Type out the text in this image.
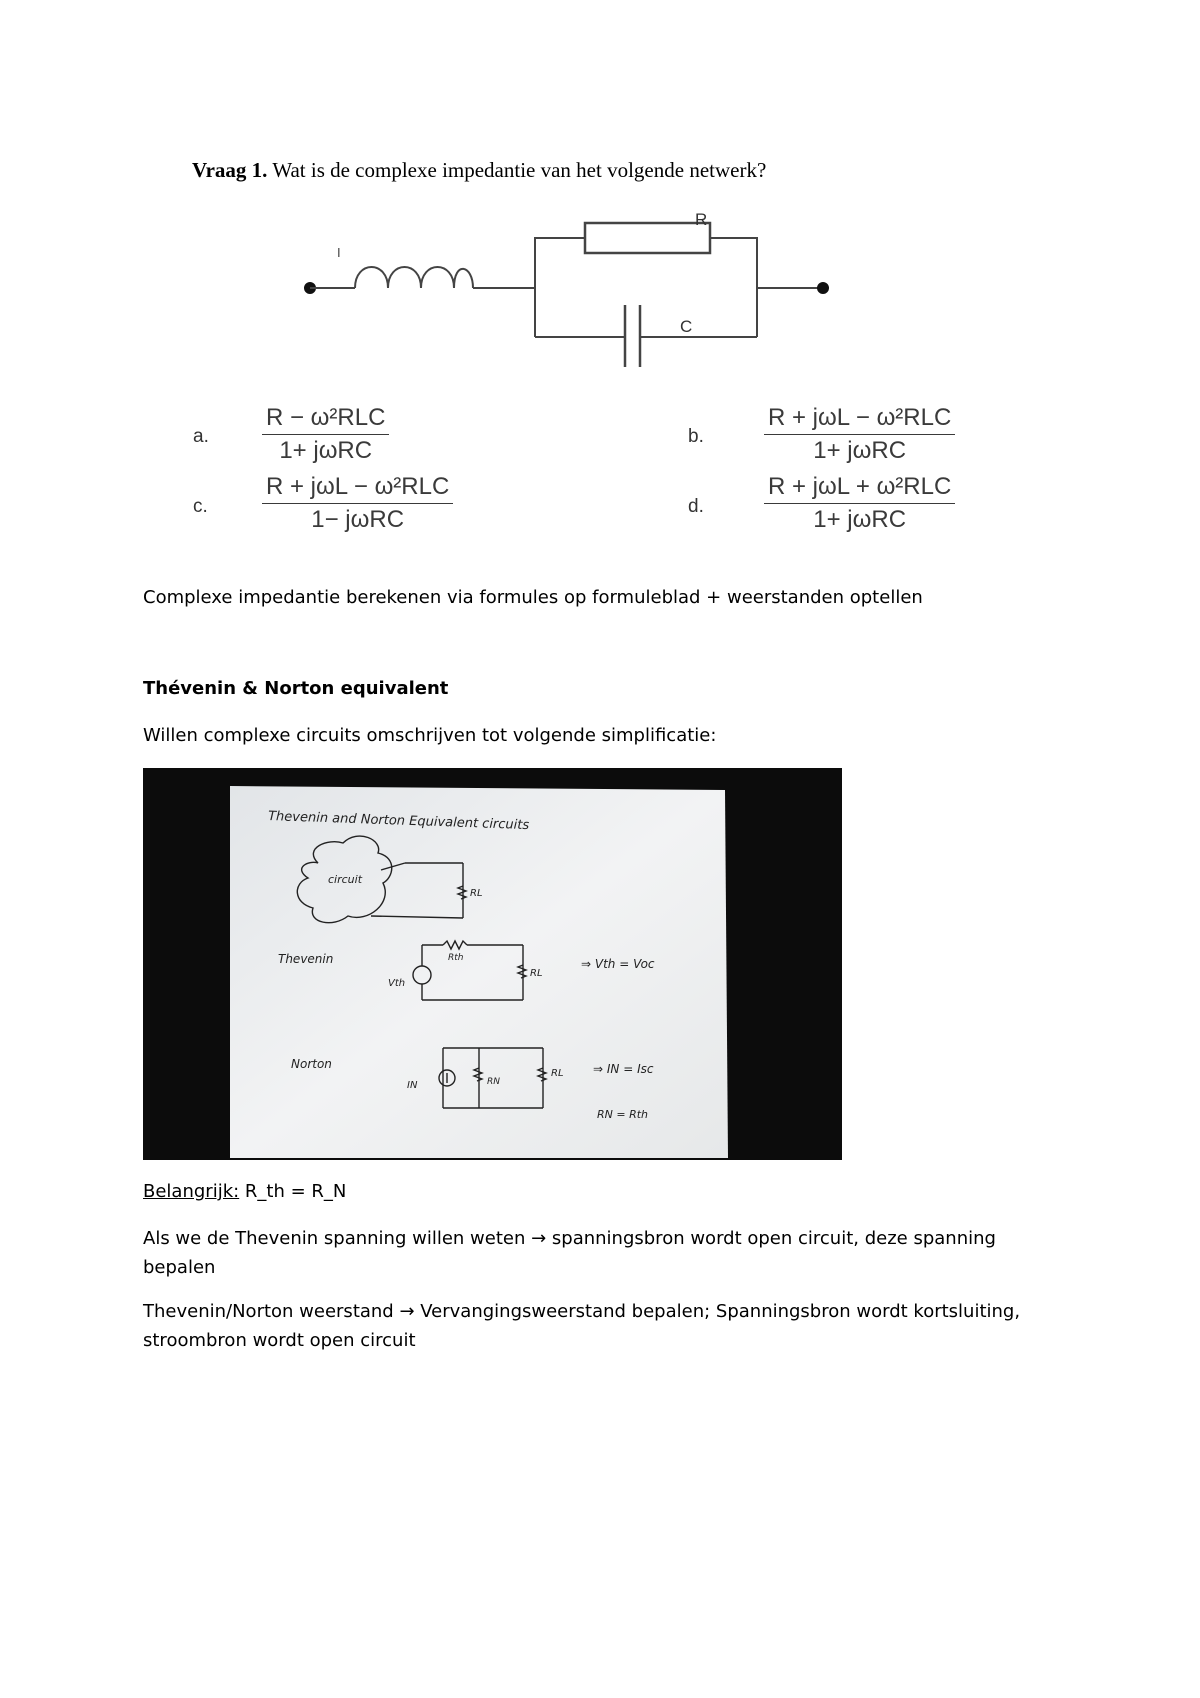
Vraag 1. Wat is de complexe impedantie van het volgende netwerk?
I
R
C
a.
R − ω²RLC
1+ jωRC
b.
R + jωL − ω²RLC
1+ jωRC
c.
R + jωL − ω²RLC
1− jωRC	d.
R + jωL + ω²RLC
1+ jωRC
Complexe impedantie berekenen via formules op formuleblad + weerstanden optellen
Thévenin & Norton equivalent
Willen complexe circuits omschrijven tot volgende simplificatie:
Thevenin and Norton Equivalent circuits
circuit
RL
Thevenin	Rth
Vth
RL
⇒ Vth = Voc
Norton
IN	RN
RL ⇒ IN = Isc
RN = Rth
Belangrijk: R_th = R_N
Als we de Thevenin spanning willen weten → spanningsbron wordt open circuit, deze spanning
bepalen
Thevenin/Norton weerstand → Vervangingsweerstand bepalen; Spanningsbron wordt kortsluiting,
stroombron wordt open circuit
